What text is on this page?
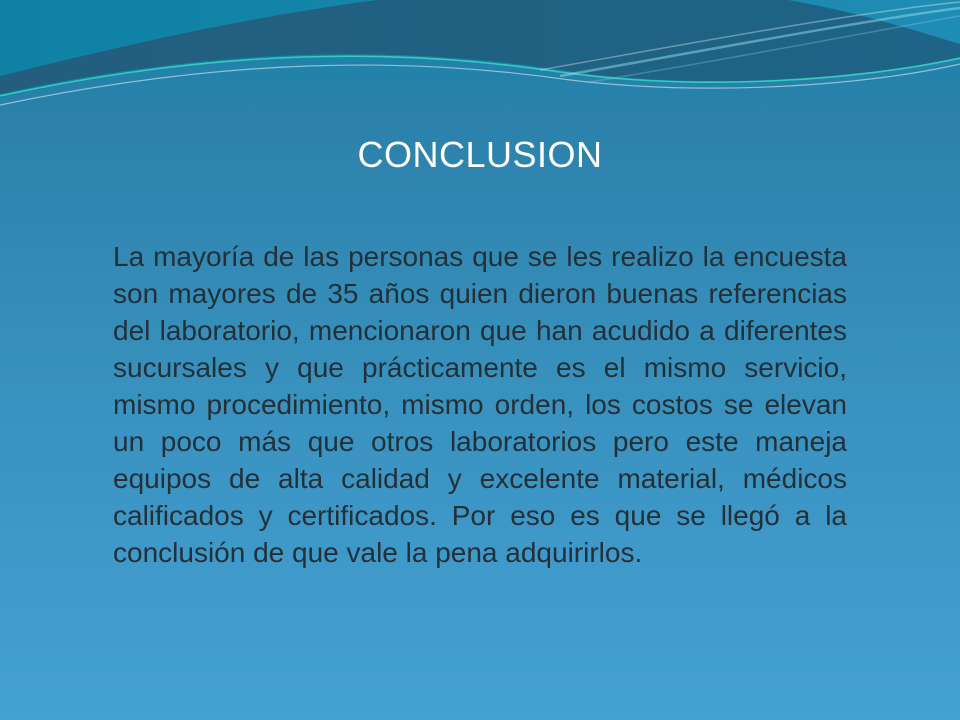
CONCLUSION

La mayoría de las personas que se les realizo la encuesta son mayores de 35 años quien dieron buenas referencias del laboratorio, mencionaron que han acudido a diferentes sucursales y que prácticamente es el mismo servicio, mismo procedimiento, mismo orden, los costos se elevan un poco más que otros laboratorios pero este maneja equipos de alta calidad y excelente material, médicos calificados y certificados. Por eso es que se llegó a la conclusión de que vale la pena adquirirlos.
